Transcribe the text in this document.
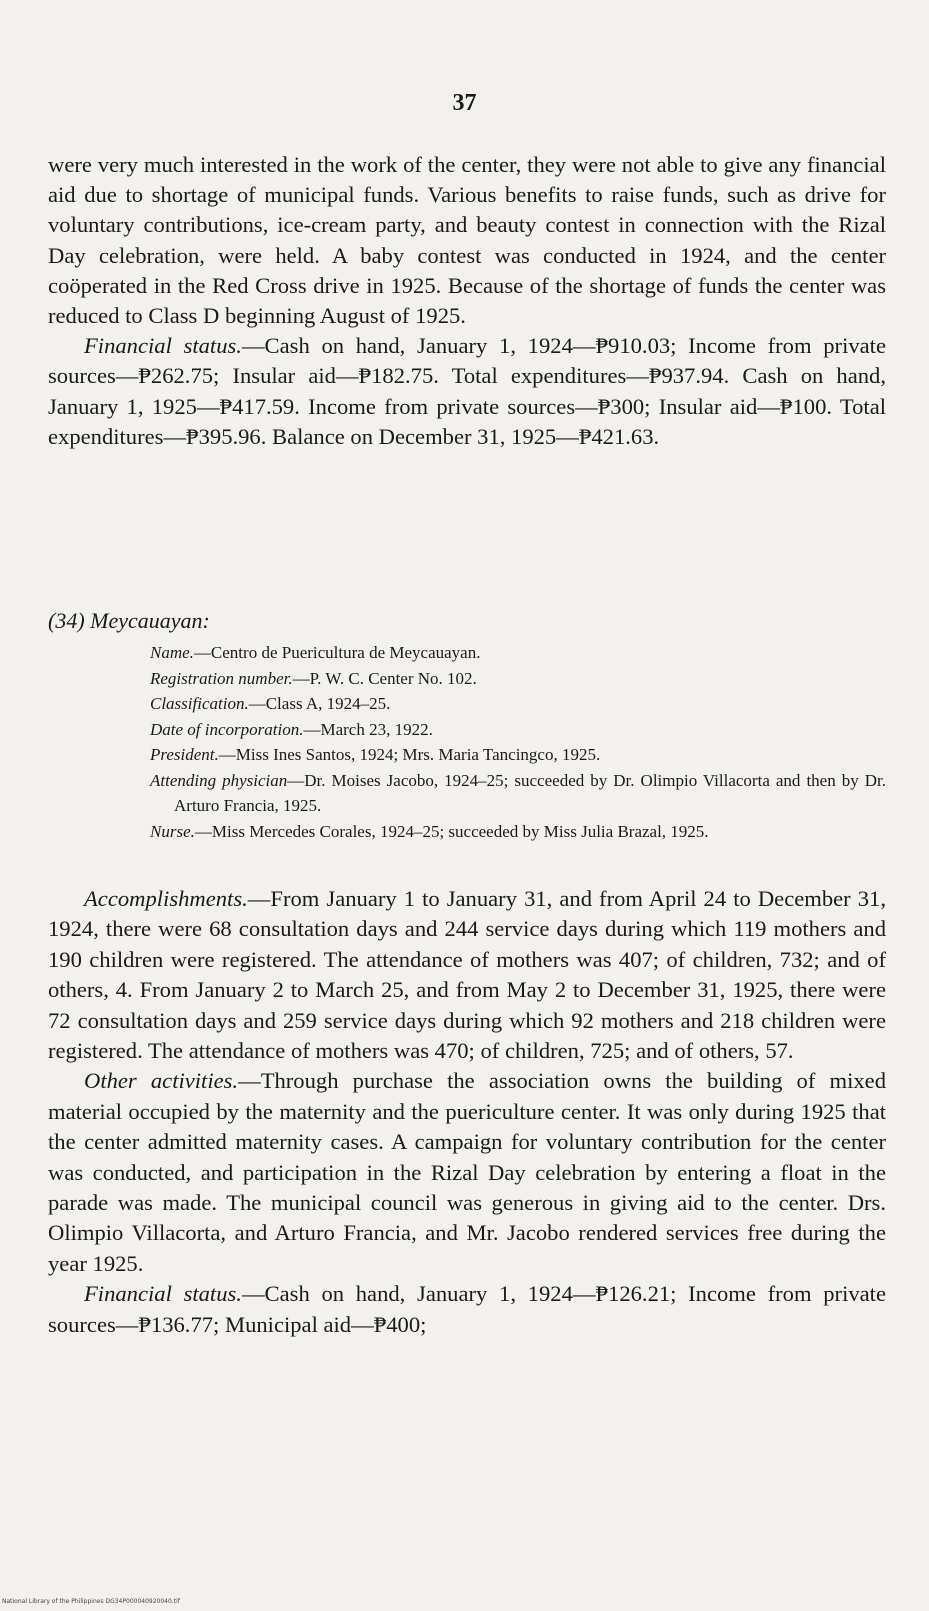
37

were very much interested in the work of the center, they were not able to give any financial aid due to shortage of municipal funds. Various benefits to raise funds, such as drive for voluntary contributions, ice-cream party, and beauty contest in connection with the Rizal Day celebration, were held. A baby contest was conducted in 1924, and the center coöperated in the Red Cross drive in 1925. Because of the shortage of funds the center was reduced to Class D beginning August of 1925.

Financial status.—Cash on hand, January 1, 1924—₱910.03; Income from private sources—₱262.75; Insular aid—₱182.75. Total expenditures—₱937.94. Cash on hand, January 1, 1925—₱417.59. Income from private sources—₱300; Insular aid—₱100. Total expenditures—₱395.96. Balance on December 31, 1925—₱421.63.

(34) Meycauayan:
Name.—Centro de Puericultura de Meycauayan.
Registration number.—P. W. C. Center No. 102.
Classification.—Class A, 1924–25.
Date of incorporation.—March 23, 1922.
President.—Miss Ines Santos, 1924; Mrs. Maria Tancingco, 1925.
Attending physician—Dr. Moises Jacobo, 1924–25; succeeded by Dr. Olimpio Villacorta and then by Dr. Arturo Francia, 1925.
Nurse.—Miss Mercedes Corales, 1924–25; succeeded by Miss Julia Brazal, 1925.

Accomplishments.—From January 1 to January 31, and from April 24 to December 31, 1924, there were 68 consultation days and 244 service days during which 119 mothers and 190 children were registered. The attendance of mothers was 407; of children, 732; and of others, 4. From January 2 to March 25, and from May 2 to December 31, 1925, there were 72 consultation days and 259 service days during which 92 mothers and 218 children were registered. The attendance of mothers was 470; of children, 725; and of others, 57.

Other activities.—Through purchase the association owns the building of mixed material occupied by the maternity and the puericulture center. It was only during 1925 that the center admitted maternity cases. A campaign for voluntary contribution for the center was conducted, and participation in the Rizal Day celebration by entering a float in the parade was made. The municipal council was generous in giving aid to the center. Drs. Olimpio Villacorta, and Arturo Francia, and Mr. Jacobo rendered services free during the year 1925.

Financial status.—Cash on hand, January 1, 1924—₱126.21; Income from private sources—₱136.77; Municipal aid—₱400;

National Library of the Philippines DG34P000040920040.tif
